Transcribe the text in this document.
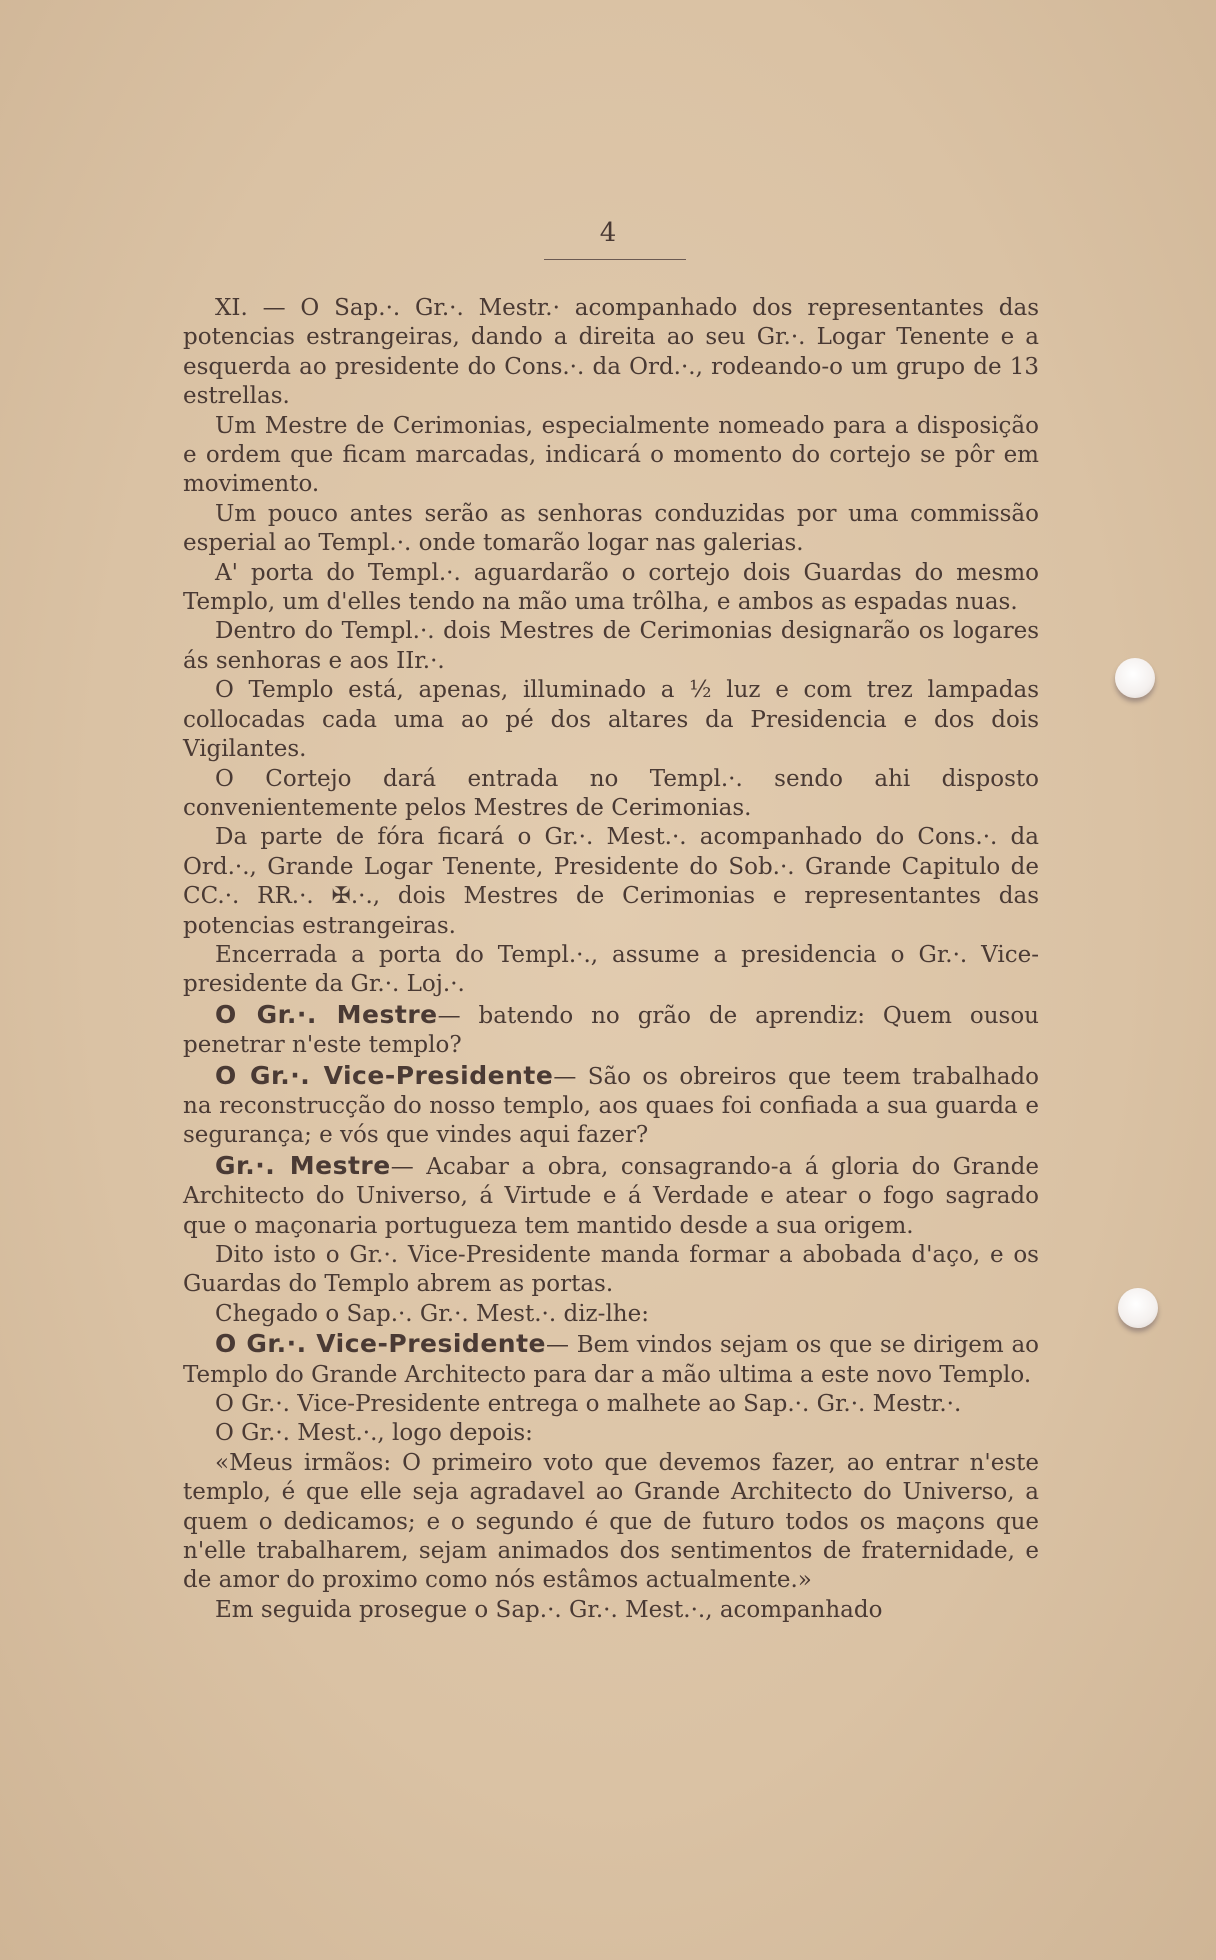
4

XI. — O Sap.·. Gr.·. Mestr.· acompanhado dos representantes das potencias estrangeiras, dando a direita ao seu Gr.·. Logar Tenente e a esquerda ao presidente do Cons.·. da Ord.·., rodeando-o um grupo de 13 estrellas.

Um Mestre de Cerimonias, especialmente nomeado para a disposição e ordem que ficam marcadas, indicará o momento do cortejo se pôr em movimento.

Um pouco antes serão as senhoras conduzidas por uma commissão esperial ao Templ.·. onde tomarão logar nas galerias.

A' porta do Templ.·. aguardarão o cortejo dois Guardas do mesmo Templo, um d'elles tendo na mão uma trôlha, e ambos as espadas nuas.

Dentro do Templ.·. dois Mestres de Cerimonias designarão os logares ás senhoras e aos IIr.·.

O Templo está, apenas, illuminado a ½ luz e com trez lampadas collocadas cada uma ao pé dos altares da Presidencia e dos dois Vigilantes.

O Cortejo dará entrada no Templ.·. sendo ahi disposto convenientemente pelos Mestres de Cerimonias.

Da parte de fóra ficará o Gr.·. Mest.·. acompanhado do Cons.·. da Ord.·., Grande Logar Tenente, Presidente do Sob.·. Grande Capitulo de CC.·. RR.·. ✠.·., dois Mestres de Cerimonias e representantes das potencias estrangeiras.

Encerrada a porta do Templ.·., assume a presidencia o Gr.·. Vice-presidente da Gr.·. Loj.·.

O Gr.·. Mestre— batendo no grão de aprendiz: Quem ousou penetrar n'este templo?

O Gr.·. Vice-Presidente— São os obreiros que teem trabalhado na reconstrucção do nosso templo, aos quaes foi confiada a sua guarda e segurança; e vós que vindes aqui fazer?

Gr.·. Mestre— Acabar a obra, consagrando-a á gloria do Grande Architecto do Universo, á Virtude e á Verdade e atear o fogo sagrado que o maçonaria portugueza tem mantido desde a sua origem.

Dito isto o Gr.·. Vice-Presidente manda formar a abobada d'aço, e os Guardas do Templo abrem as portas.

Chegado o Sap.·. Gr.·. Mest.·. diz-lhe:

O Gr.·. Vice-Presidente— Bem vindos sejam os que se dirigem ao Templo do Grande Architecto para dar a mão ultima a este novo Templo.

O Gr.·. Vice-Presidente entrega o malhete ao Sap.·. Gr.·. Mestr.·.

O Gr.·. Mest.·., logo depois:

«Meus irmãos: O primeiro voto que devemos fazer, ao entrar n'este templo, é que elle seja agradavel ao Grande Architecto do Universo, a quem o dedicamos; e o segundo é que de futuro todos os maçons que n'elle trabalharem, sejam animados dos sentimentos de fraternidade, e de amor do proximo como nós estâmos actualmente.»

Em seguida prosegue o Sap.·. Gr.·. Mest.·., acompanhado
